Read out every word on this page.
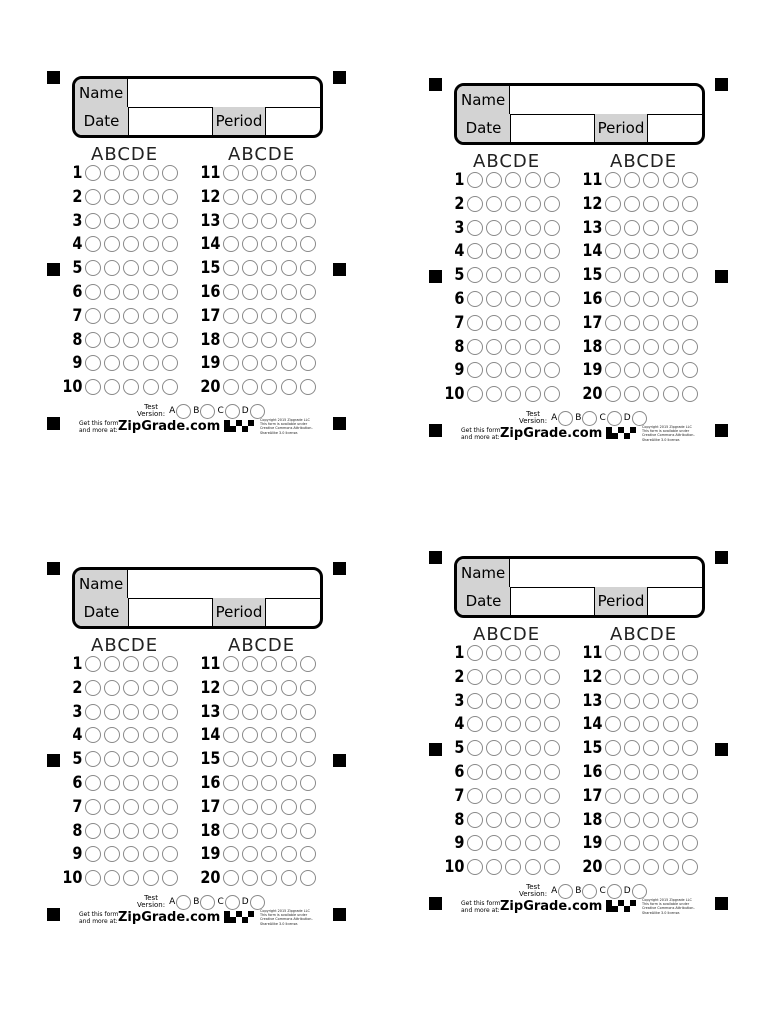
Name
Date	Period
ABCDE	ABCDE
1
2
3
4
5
6
7
8
9
10
11
12
13
14
15
16
17
18
19
20
Test
Version: A B C D
Get this form
and more at: ZipGrade.com	Copyright 2015 Zipgrade LLC
This form is available under
Creative Commons Attribution-
ShareAlike 3.0 license.
Name
Date	Period
ABCDE	ABCDE
1
2
3
4
5
6
7
8
9
10
11
12
13
14
15
16
17
18
19
20
Test
Version: A B C D
Get this form
and more at: ZipGrade.com	Copyright 2015 Zipgrade LLC
This form is available under
Creative Commons Attribution-
ShareAlike 3.0 license.
Name
Date	Period
ABCDE	ABCDE
1
2
3
4
5
6
7
8
9
10
11
12
13
14
15
16
17
18
19
20
Test
Version: A B C D
Get this form
and more at: ZipGrade.com	Copyright 2015 Zipgrade LLC
This form is available under
Creative Commons Attribution-
ShareAlike 3.0 license.
Name
Date	Period
ABCDE	ABCDE
1
2
3
4
5
6
7
8
9
10
11
12
13
14
15
16
17
18
19
20
Test
Version: A B C D
Get this form
and more at: ZipGrade.com	Copyright 2015 Zipgrade LLC
This form is available under
Creative Commons Attribution-
ShareAlike 3.0 license.
